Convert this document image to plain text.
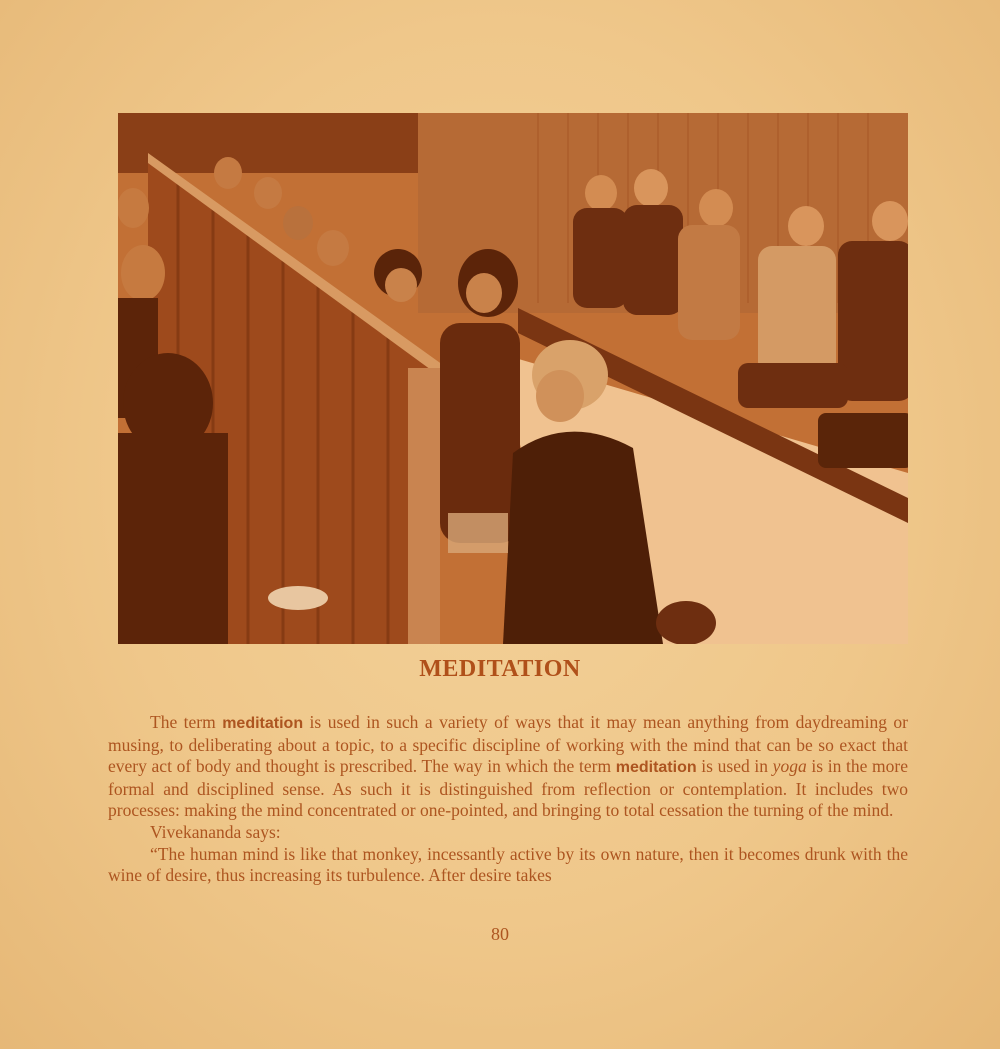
MEDITATION

The term meditation is used in such a variety of ways that it may mean anything from daydreaming or musing, to deliberating about a topic, to a specific discipline of working with the mind that can be so exact that every act of body and thought is prescribed. The way in which the term meditation is used in yoga is in the more formal and disciplined sense. As such it is distinguished from reflection or contemplation. It includes two processes: making the mind concentrated or one-pointed, and bringing to total cessation the turning of the mind.

Vivekananda says:

“The human mind is like that monkey, incessantly active by its own nature, then it becomes drunk with the wine of desire, thus increasing its turbulence. After desire takes

80
